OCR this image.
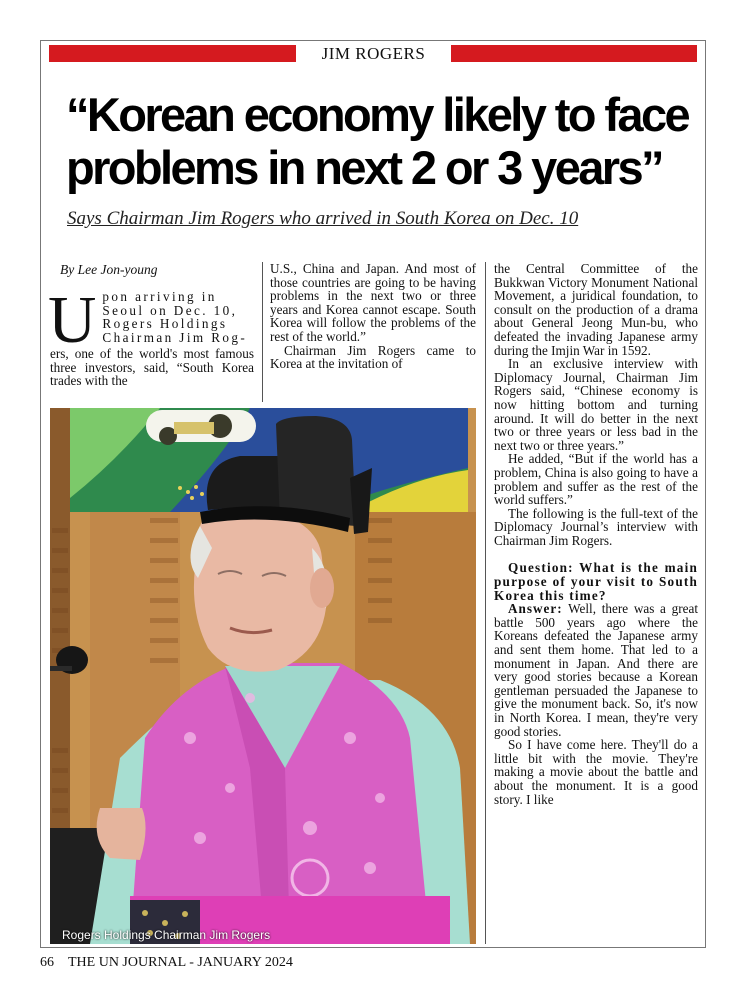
JIM ROGERS
“Korean economy likely to face
problems in next 2 or 3 years”
Says Chairman Jim Rogers who arrived in South Korea on Dec. 10
By Lee Jon-young
U pon arriving in
Seoul on Dec. 10,
Rogers Holdings
Chairman Jim Rog-
ers, one of the world's most famous three investors, said, “South Korea trades with the

U.S., China and Japan. And most of those countries are going to be having problems in the next two or three years and Korea cannot escape. South Korea will follow the problems of the rest of the world.”

Chairman Jim Rogers came to Korea at the invitation of

the Central Committee of the Bukkwan Victory Monument National Movement, a juridical foundation, to consult on the production of a drama about General Jeong Mun-bu, who defeated the invading Japanese army during the Imjin War in 1592.

In an exclusive interview with Diplomacy Journal, Chairman Jim Rogers said, “Chinese economy is now hitting bottom and turning around. It will do better in the next two or three years or less bad in the next two or three years.”

He added, “But if the world has a problem, China is also going to have a problem and suffer as the rest of the world suffers.”

The following is the full-text of the Diplomacy Journal’s interview with Chairman Jim Rogers.

Question: What is the main purpose of your visit to South Korea this time?

Answer: Well, there was a great battle 500 years ago where the Koreans defeated the Japanese army and sent them home. That led to a monument in Japan. And there are very good stories because a Korean gentleman persuaded the Japanese to give the monument back. So, it's now in North Korea. I mean, they're very good stories.

So I have come here. They'll do a little bit with the movie. They're making a movie about the battle and about the monument. It is a good story. I like

Rogers Holdings Chairman Jim Rogers
66 THE UN JOURNAL - JANUARY 2024
